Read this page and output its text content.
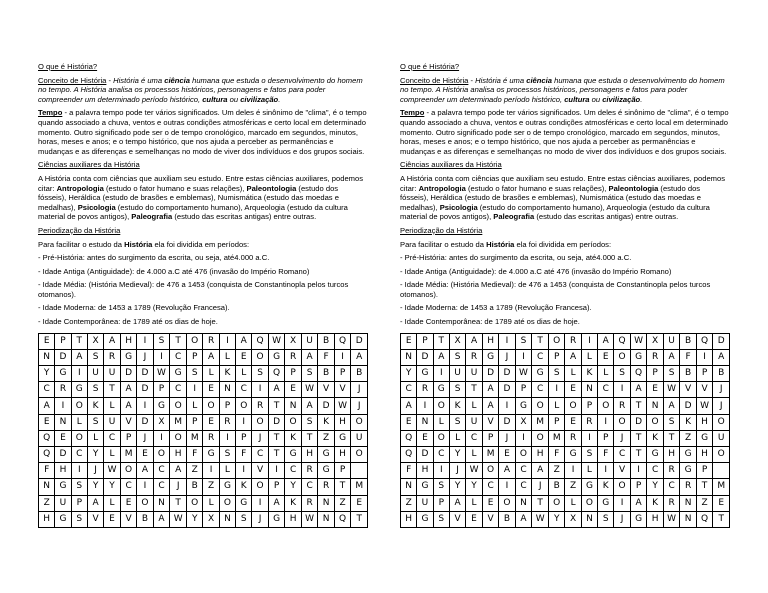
O que é História?
Conceito de História - História é uma ciência humana que estuda o desenvolvimento do homem no tempo. A História analisa os processos históricos, personagens e fatos para poder compreender um determinado período histórico, cultura ou civilização.
Tempo - a palavra tempo pode ter vários significados. Um deles é sinônimo de "clima", é o tempo quando associado a chuva, ventos e outras condições atmosféricas e certo local em determinado momento. Outro significado pode ser o de tempo cronológico, marcado em segundos, minutos, horas, meses e anos; e o tempo histórico, que nos ajuda a perceber as permanências e mudanças e as diferenças e semelhanças no modo de viver dos indivíduos e dos grupos sociais.
Ciências auxiliares da História
A História conta com ciências que auxiliam seu estudo. Entre estas ciências auxiliares, podemos citar: Antropologia (estudo o fator humano e suas relações), Paleontologia (estudo dos fósseis), Heráldica (estudo de brasões e emblemas), Numismática (estudo das moedas e medalhas), Psicologia (estudo do comportamento humano), Arqueologia (estudo da cultura material de povos antigos), Paleografia (estudo das escritas antigas) entre outras.
Periodização da História
Para facilitar o estudo da História ela foi dividida em períodos:
- Pré-História: antes do surgimento da escrita, ou seja, até4.000 a.C.
- Idade Antiga (Antiguidade): de 4.000 a.C até 476 (invasão do Império Romano)
- Idade Média: (História Medieval): de 476 a 1453 (conquista de Constantinopla pelos turcos otomanos).
- Idade Moderna: de 1453 a 1789 (Revolução Francesa).
- Idade Contemporânea: de 1789 até os dias de hoje.
E	P	T	X	A	H	I	S	T	O	R	I	A	Q	W	X	U	B	Q	D
N	D	A	S	R	G	J	I	C	P	A	L	E	O	G	R	A	F	I	A
Y	G	I	U	U	D	D	W	G	S	L	K	L	S	Q	P	S	B	P	B
C	R	G	S	T	A	D	P	C	I	E	N	C	I	A	E	W	V	V	J
A	I	O	K	L	A	I	G	O	L	O	P	O	R	T	N	A	D	W	J
E	N	L	S	U	V	D	X	M	P	E	R	I	O	D	O	S	K	H	O
Q	E	O	L	C	P	J	I	O	M	R	I	P	J	T	K	T	Z	G	U
Q	D	C	Y	L	M	E	O	H	F	G	S	F	C	T	G	H	G	H	O
F	H	I	J	W	O	A	C	A	Z	I	L	I	V	I	C	R	G	P	
N	G	S	Y	Y	C	I	C	J	B	Z	G	K	O	P	Y	C	R	T	M
Z	U	P	A	L	E	O	N	T	O	L	O	G	I	A	K	R	N	Z	E
H	G	S	V	E	V	B	A	W	Y	X	N	S	J	G	H	W	N	Q	T
O que é História?
Conceito de História - História é uma ciência humana que estuda o desenvolvimento do homem no tempo. A História analisa os processos históricos, personagens e fatos para poder compreender um determinado período histórico, cultura ou civilização.
Tempo - a palavra tempo pode ter vários significados. Um deles é sinônimo de "clima", é o tempo quando associado a chuva, ventos e outras condições atmosféricas e certo local em determinado momento. Outro significado pode ser o de tempo cronológico, marcado em segundos, minutos, horas, meses e anos; e o tempo histórico, que nos ajuda a perceber as permanências e mudanças e as diferenças e semelhanças no modo de viver dos indivíduos e dos grupos sociais.
Ciências auxiliares da História
A História conta com ciências que auxiliam seu estudo. Entre estas ciências auxiliares, podemos citar: Antropologia (estudo o fator humano e suas relações), Paleontologia (estudo dos fósseis), Heráldica (estudo de brasões e emblemas), Numismática (estudo das moedas e medalhas), Psicologia (estudo do comportamento humano), Arqueologia (estudo da cultura material de povos antigos), Paleografia (estudo das escritas antigas) entre outras.
Periodização da História
Para facilitar o estudo da História ela foi dividida em períodos:
- Pré-História: antes do surgimento da escrita, ou seja, até4.000 a.C.
- Idade Antiga (Antiguidade): de 4.000 a.C até 476 (invasão do Império Romano)
- Idade Média: (História Medieval): de 476 a 1453 (conquista de Constantinopla pelos turcos otomanos).
- Idade Moderna: de 1453 a 1789 (Revolução Francesa).
- Idade Contemporânea: de 1789 até os dias de hoje.
E	P	T	X	A	H	I	S	T	O	R	I	A	Q	W	X	U	B	Q	D
N	D	A	S	R	G	J	I	C	P	A	L	E	O	G	R	A	F	I	A
Y	G	I	U	U	D	D	W	G	S	L	K	L	S	Q	P	S	B	P	B
C	R	G	S	T	A	D	P	C	I	E	N	C	I	A	E	W	V	V	J
A	I	O	K	L	A	I	G	O	L	O	P	O	R	T	N	A	D	W	J
E	N	L	S	U	V	D	X	M	P	E	R	I	O	D	O	S	K	H	O
Q	E	O	L	C	P	J	I	O	M	R	I	P	J	T	K	T	Z	G	U
Q	D	C	Y	L	M	E	O	H	F	G	S	F	C	T	G	H	G	H	O
F	H	I	J	W	O	A	C	A	Z	I	L	I	V	I	C	R	G	P	
N	G	S	Y	Y	C	I	C	J	B	Z	G	K	O	P	Y	C	R	T	M
Z	U	P	A	L	E	O	N	T	O	L	O	G	I	A	K	R	N	Z	E
H	G	S	V	E	V	B	A	W	Y	X	N	S	J	G	H	W	N	Q	T
